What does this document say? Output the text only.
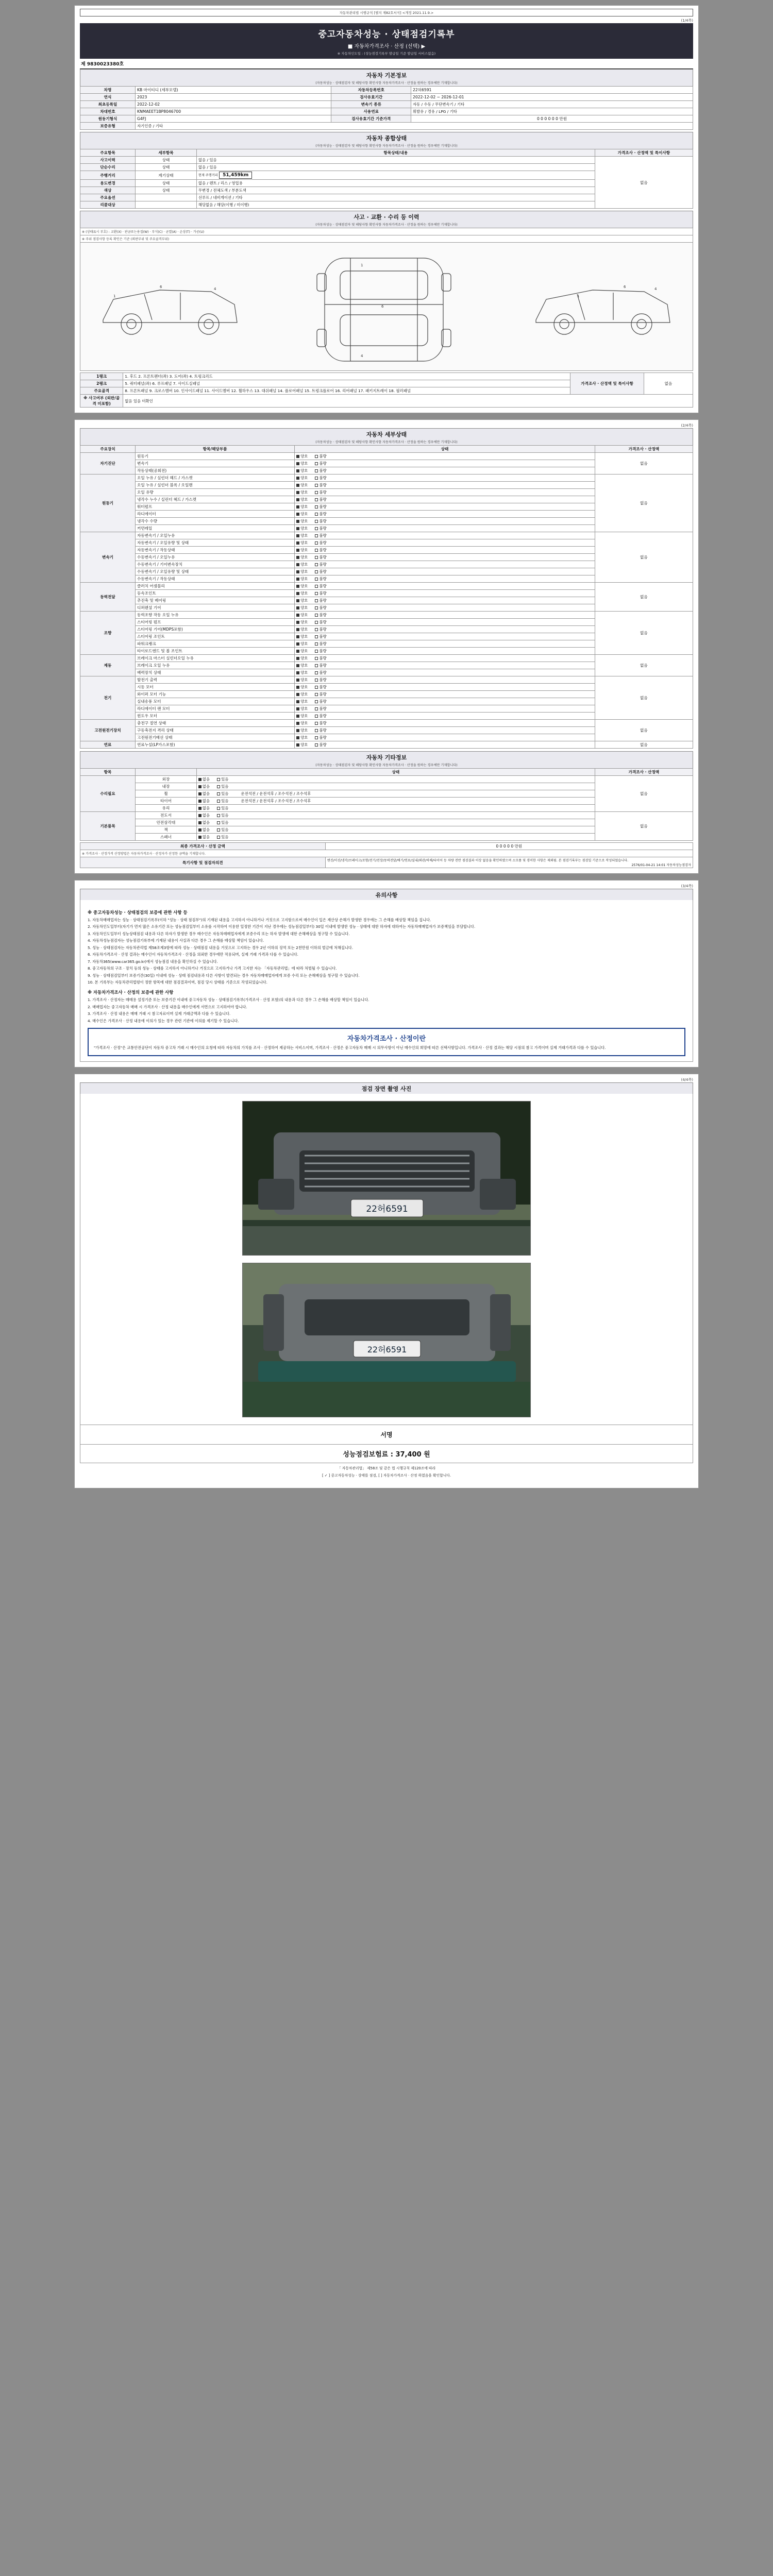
자동차관리법 시행규칙 [별지 제82호서식] <개정 2021.11.9.>
(1/4쪽)
중고자동차성능 · 상태점검기록부
■ 자동차가격조사 · 산정 (선택) ▶
※ 자동차인도일 : (성능점검기록부 발급일 기준 발급일 서비스없음)
제 9830023380호
자동차 기본정보
(자동차성능 · 상태점검자 및 해당사항 확인사항 자동차가격조사 · 산정을 원하는 경우에만 기재합니다)
차명	KB 마이티디 (세부모델)	자동차등록번호	22허6591
연식	2023	검사유효기간	2022-12-02 ~ 2026-12-01
최초등록일	2022-12-02	변속기 종류	자동 / 수동 / 무단변속기 / 기타
차대번호	KNMAEET1BP8046700	사용연료	휘발유 / 경유 / LPG / 기타
원동기형식	G4FJ	검사유효기간 기준가격	0 0 0 0 0 0 만원
보증유형	자기인증 / 기타		
자동차 종합상태
(자동차성능 · 상태점검자 및 해당사항 확인사항 자동차가격조사 · 산정을 원하는 경우에만 기재합니다)
주요항목	세부항목	항목상태/내용	가격조사 · 산정액 및 특이사항
사고이력	상태	없음 / 있음	없음
단순수리	상태	없음 / 있음	
주행거리	계기상태	현재 주행거리 51,459km	
용도변경	상태	없음 / 렌트 / 리스 / 영업용	
색상	상태	무변경 / 전체도색 / 부분도색	
주요옵션		선루프 / 네비게이션 / 기타	
리콜대상		해당없음 / 해당(이행 / 미이행)	
사고 · 교환 · 수리 등 이력
(자동차성능 · 상태점검자 및 해당사항 확인사항 자동차가격조사 · 산정을 원하는 경우에만 기재합니다)
※ (상태표시 부호) : 교환(X) · 판금또는용접(W) · 부식(C) · 균열(A) · 손상(T) · 가공(U)
※ 주위 점검사항 등록 확인은 기준 (외판부위 및 주요골격부위)
1
6	4
1
6
4
1
6	4
1랭크	1. 후드 2. 프론트펜더(좌) 3. 도어(좌) 4. 트렁크리드	가격조사 · 산정액 및 특이사항	없음
2랭크	5. 쿼터패널(좌) 6. 루프패널 7. 사이드실패널		
주요골격	8. 프론트패널 9. 크로스멤버 10. 인사이드패널 11. 사이드멤버 12. 휠하우스 13. 대쉬패널 14. 플로어패널 15. 트렁크플로어 16. 리어패널 17. 패키지트레이 18. 필러패널		
※ 사고여부 (외판/골격 미포함)	없음 있음 미확인		
(2/4쪽)
자동차 세부상태
(자동차성능 · 상태점검자 및 해당사항 확인사항 자동차가격조사 · 산정을 원하는 경우에만 기재합니다)
주요장치	항목/해당부품	상태	가격조사 · 산정액
자기진단	원동기	양호 불량	없음
	변속기	양호 불량	
	작동상태(공회전)	양호 불량	
원동기	오일 누유 / 실린더 헤드 / 가스켓	양호 불량	없음
	오일 누유 / 실린더 블록 / 오일팬	양호 불량	
	오일 유량	양호 불량	
	냉각수 누수 / 실린더 헤드 / 가스켓	양호 불량	
	워터펌프	양호 불량	
	라디에이터	양호 불량	
	냉각수 수량	양호 불량	
	커먼레일	양호 불량	
변속기	자동변속기 / 오일누유	양호 불량	없음
	자동변속기 / 오일유량 및 상태	양호 불량	
	자동변속기 / 작동상태	양호 불량	
	수동변속기 / 오일누유	양호 불량	
	수동변속기 / 기어변속장치	양호 불량	
	수동변속기 / 오일유량 및 상태	양호 불량	
	수동변속기 / 작동상태	양호 불량	
동력전달	클러치 어셈블리	양호 불량	없음
	등속조인트	양호 불량	
	추진축 및 베어링	양호 불량	
	디퍼렌셜 기어	양호 불량	
조향	동력조향 작동 오일 누유	양호 불량	없음
	스티어링 펌프	양호 불량	
	스티어링 기어(MDPS포함)	양호 불량	
	스티어링 조인트	양호 불량	
	파워크랭크	양호 불량	
	타이로드엔드 및 볼 조인트	양호 불량	
제동	브레이크 마스터 실린더오일 누유	양호 불량	없음
	브레이크 오일 누유	양호 불량	
	배력장치 상태	양호 불량	
전기	발전기 출력	양호 불량	없음
	시동 모터	양호 불량	
	와이퍼 모터 기능	양호 불량	
	실내송풍 모터	양호 불량	
	라디에이터 팬 모터	양호 불량	
	윈도우 모터	양호 불량	
고전원전기장치	충전구 절연 상태	양호 불량	없음
	구동축전지 격리 상태	양호 불량	
	고전원전기배선 상태	양호 불량	
연료	연료누설(LP가스포함)	양호 불량	없음
자동차 기타정보
(자동차성능 · 상태점검자 및 해당사항 확인사항 자동차가격조사 · 산정을 원하는 경우에만 기재합니다)
항목		상태	가격조사 · 산정액
수리필요	외장	없음 있음	없음
	내장	없음 있음	
	휠	없음 있음 운전석전 / 운전석후 / 조수석전 / 조수석후	
	타이어	없음 있음 운전석전 / 운전석후 / 조수석전 / 조수석후	
	유리	없음 있음	
기본품목	전도서	없음 있음	없음
	안전삼각대	없음 있음	
	잭	없음 있음	
	스패너	없음 있음	
최종 가격조사 · 산정 금액	0 0 0 0 0 만원
※ 가격조사 · 산정가격 산정방법은 자동차가격조사 · 산정자가 산정한 금액을 기재합니다.	
특기사항 및 점검자의견	엔진/미션/냉각/브레이크/조향/전기/전장/동력전달/배기/연료/실내/외관/하체/타이어 등 차량 전반 점검결과 이상 없음을 확인하였으며 소모품 및 경미한 사항은 제외됨. 본 점검기록부는 점검일 기준으로 작성되었습니다.
2576/01-04-21 14:01 자동차성능점검자
(3/4쪽)
유의사항
※ 중고자동차성능 · 상태점검의 보증에 관한 사항 등

1. 자동차매매업자는 성능 · 상태점검기록부(이하 "성능 · 상태 점검부")의 기재된 내용을 고지하지 아니하거나 거짓으로 고지함으로써 매수인이 입은 재산상 손해가 발생한 경우에는 그 손해를 배상할 책임을 집니다.

2. 자동차인도일부터(자기가 먼저 많은 소유기간 또는 성능점검일부터 소유를 시작하여 이용한 일정한 기간이 지난 경우에는 성능점검일부터) 30일 이내에 발생한 성능 · 상태에 대한 하자에 대하여는 자동차매매업자가 보증책임을 부담합니다.

3. 자동차인도일부터 성능상태점검 내용과 다른 하자가 발생한 경우 매수인은 자동차매매업자에게 보증수리 또는 하자 발생에 대한 손해배상을 청구할 수 있습니다.

4. 자동차성능점검자는 성능점검기록부에 기재된 내용이 사실과 다른 경우 그 손해를 배상할 책임이 있습니다.

5. 성능 · 상태점검자는 자동차관리법 제58조제3항에 따라 성능 · 상태점검 내용을 거짓으로 고지하는 경우 2년 이하의 징역 또는 2천만원 이하의 벌금에 처해집니다.

6. 자동차가격조사 · 산정 결과는 매수인이 자동차가격조사 · 산정을 의뢰한 경우에만 적용되며, 실제 거래 가격과 다를 수 있습니다.

7. 자동차365(www.car365.go.kr)에서 성능점검 내용을 확인하실 수 있습니다.

8. 중고자동차의 구조 · 장치 등의 성능 · 상태를 고지하지 아니하거나 거짓으로 고지하거나 가격 고지한 자는 「자동차관리법」에 따라 처벌될 수 있습니다.

9. 성능 · 상태점검일부터 보증기간(30일) 이내에 성능 · 상태 점검내용과 다른 사항이 발견되는 경우 자동차매매업자에게 보증 수리 또는 손해배상을 청구할 수 있습니다.

10. 본 기록부는 자동차관리법령이 정한 항목에 대한 점검결과이며, 점검 당시 상태를 기준으로 작성되었습니다.

※ 자동차가격조사 · 산정의 보증에 관한 사항

1. 가격조사 · 산정자는 매매용 설정기준 또는 보증기간 이내에 중고자동차 성능 · 상태점검기록부(가격조사 · 산정 포함)의 내용과 다른 경우 그 손해를 배상할 책임이 있습니다.

2. 매매업자는 중고자동차 매매 시 가격조사 · 산정 내용을 매수인에게 서면으로 고지하여야 합니다.

3. 가격조사 · 산정 내용은 매매 거래 시 참고자료이며 실제 거래금액과 다를 수 있습니다.

4. 매수인은 가격조사 · 산정 내용에 이의가 있는 경우 관련 기관에 이의를 제기할 수 있습니다.

자동차가격조사 · 산정이란
"가격조사 · 산정"은 교통안전공단이 자동차 중고차 거래 시 매수인의 요청에 따라 자동차의 가치를 조사 · 산정하여 제공하는 서비스이며, 가격조사 · 산정은 중고자동차 매매 시 의무사항이 아닌 매수인의 희망에 따른 선택사항입니다. 가격조사 · 산정 결과는 해당 시점의 참고 가격이며 실제 거래가격과 다를 수 있습니다.
(4/4쪽)
점검 장면 촬영 사진
22허6591
22허6591
서명
성능점검보험료 : 37,400 원
「 자동차관리법」 제58조 및 같은 법 시행규칙 제120조에 따라
[ ✓ ] 중고자동차성능 · 상태를 점검, [ ] 자동차가격조사 · 산정 하였음을 확인합니다.
